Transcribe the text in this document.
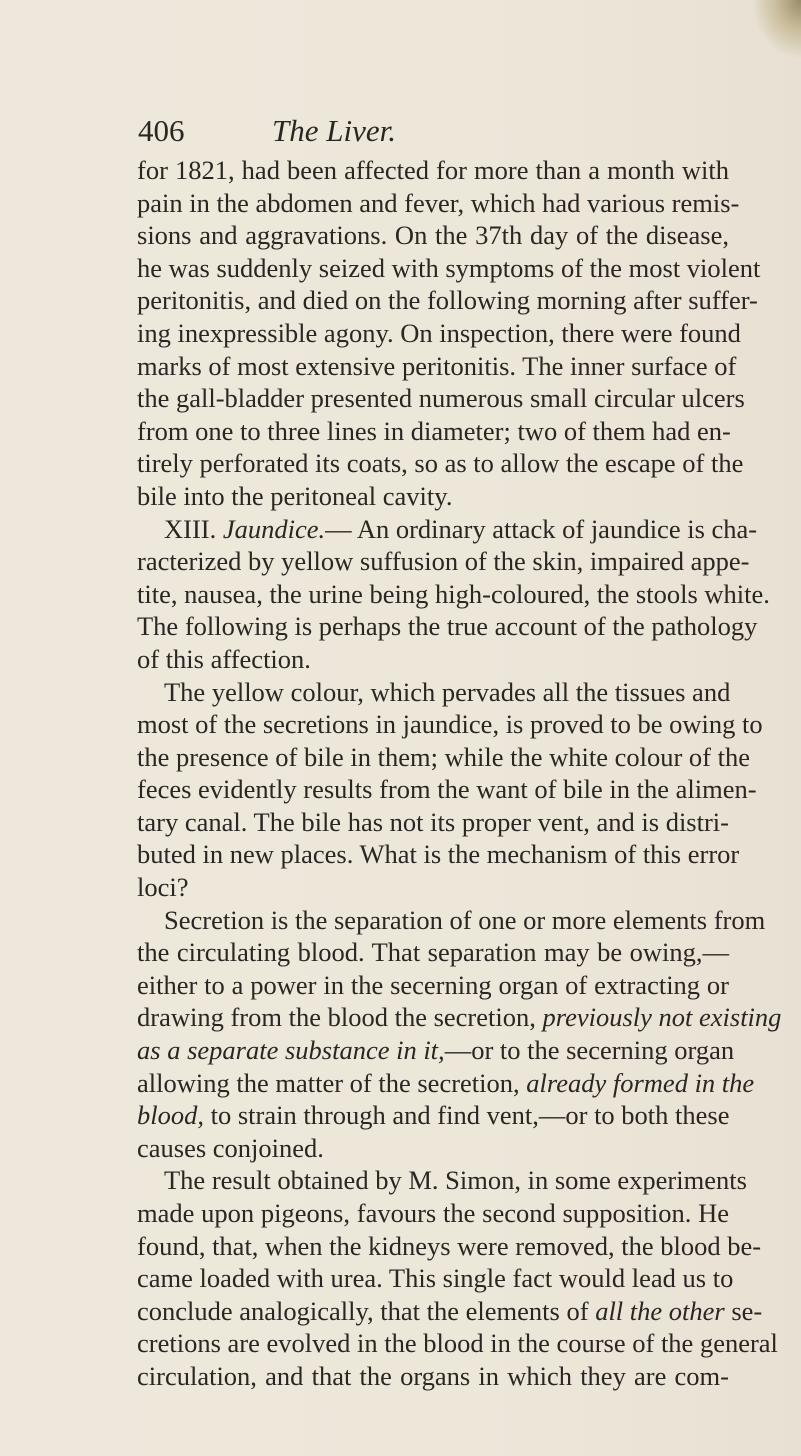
406	The Liver.

for 1821, had been affected for more than a month with
pain in the abdomen and fever, which had various remis-
sions and aggravations. On the 37th day of the disease,
he was suddenly seized with symptoms of the most violent
peritonitis, and died on the following morning after suffer-
ing inexpressible agony. On inspection, there were found
marks of most extensive peritonitis. The inner surface of
the gall-bladder presented numerous small circular ulcers
from one to three lines in diameter; two of them had en-
tirely perforated its coats, so as to allow the escape of the
bile into the peritoneal cavity.

XIII. Jaundice.— An ordinary attack of jaundice is cha-
racterized by yellow suffusion of the skin, impaired appe-
tite, nausea, the urine being high-coloured, the stools white.
The following is perhaps the true account of the pathology
of this affection.

The yellow colour, which pervades all the tissues and
most of the secretions in jaundice, is proved to be owing to
the presence of bile in them; while the white colour of the
feces evidently results from the want of bile in the alimen-
tary canal. The bile has not its proper vent, and is distri-
buted in new places. What is the mechanism of this error
loci?

Secretion is the separation of one or more elements from
the circulating blood. That separation may be owing,—
either to a power in the secerning organ of extracting or
drawing from the blood the secretion, previously not existing
as a separate substance in it,—or to the secerning organ
allowing the matter of the secretion, already formed in the
blood, to strain through and find vent,—or to both these
causes conjoined.

The result obtained by M. Simon, in some experiments
made upon pigeons, favours the second supposition. He
found, that, when the kidneys were removed, the blood be-
came loaded with urea. This single fact would lead us to
conclude analogically, that the elements of all the other se-
cretions are evolved in the blood in the course of the general
circulation, and that the organs in which they are com-
